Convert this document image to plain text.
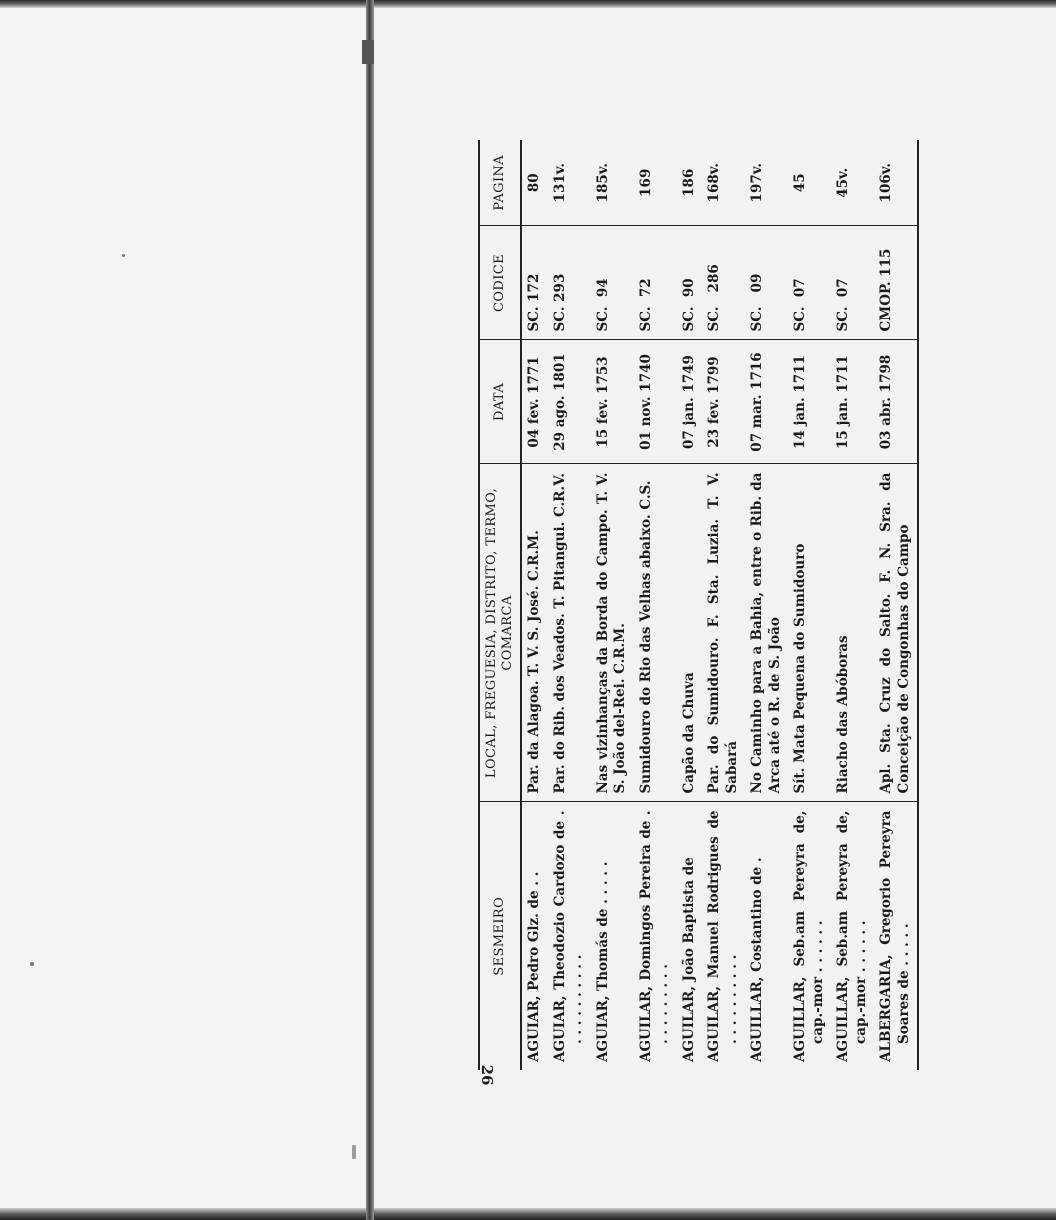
26
SESMEIRO	LOCAL, FREGUESIA, DISTRITO, TERMO, COMARCA	DATA	CODICE	PAGINA

AGUIAR, Pedro Glz. de . .	Par. da Alagoa. T. V. S. José. C.R.M.	04 fev. 1771	SC. 172	80

AGUIAR, Theodozio Cardozo de . . . . . . . . . . .	Par. do Rib. dos Veados. T. Pitangui. C.R.V.	29 ago. 1801	SC. 293	131v.

AGUIAR, Thomás de . . . . .	Nas vizinhanças da Borda do Campo. T. V. S. João del-Rei. C.R.M.	15 fev. 1753	SC.  94	185v.

AGUILAR, Domingos Pereira de . . . . . . . . . .	Sumidouro do Rio das Velhas abaixo. C.S.	01 nov. 1740	SC.  72	169

AGUILAR, João Baptista de	Capão da Chuva	07 jan. 1749	SC.  90	186

AGUILAR, Manuel Rodrigues de . . . . . . . . . .	Par. do Sumidouro. F. Sta. Luzia. T. V. Sabará	23 fev. 1799	SC.   286	168v.

AGUILLAR, Costantino de .	No Caminho para a Bahia, entre o Rib. da Arca até o R. de S. João	07 mar. 1716	SC.   09	197v.

AGUILLAR, Seb.am Pereyra de, cap.-mor . . . . . .	Sít. Mata Pequena do Sumidouro	14 jan. 1711	SC.  07	45

AGUILLAR, Seb.am Pereyra de, cap.-mor . . . . . .	Riacho das Abóboras	15 jan. 1711	SC.  07	45v.

ALBERGARIA, Gregorio Pereyra Soares de . . . . .	Apl. Sta. Cruz do Salto. F. N. Sra. da Conceição de Congonhas do Campo	03 abr. 1798	CMOP. 115	106v.
